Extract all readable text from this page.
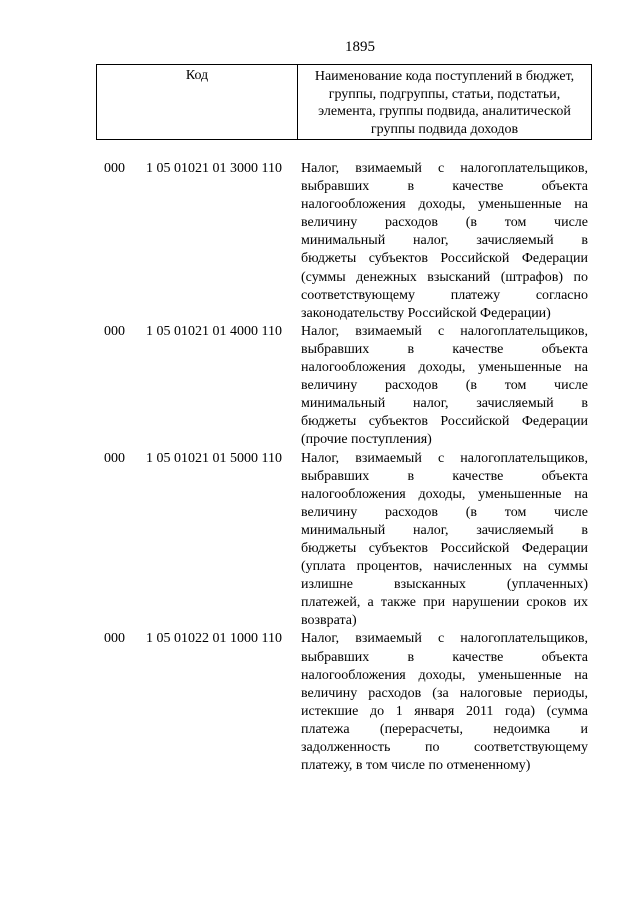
1895
Код	Наименование кода поступлений в бюджет,
группы, подгруппы, статьи, подстатьи,
элемента, группы подвида, аналитической
группы подвида доходов
000 1 05 01021 01 3000 110 Налог, взимаемый с налогоплательщиков,
выбравших в качестве объекта
налогообложения доходы, уменьшенные на
величину расходов (в том числе
минимальный налог, зачисляемый в
бюджеты субъектов Российской Федерации
(суммы денежных взысканий (штрафов) по
соответствующему платежу согласно
законодательству Российской Федерации)
000 1 05 01021 01 4000 110 Налог, взимаемый с налогоплательщиков,
выбравших в качестве объекта
налогообложения доходы, уменьшенные на
величину расходов (в том числе
минимальный налог, зачисляемый в
бюджеты субъектов Российской Федерации
(прочие поступления)
000 1 05 01021 01 5000 110 Налог, взимаемый с налогоплательщиков,
выбравших в качестве объекта
налогообложения доходы, уменьшенные на
величину расходов (в том числе
минимальный налог, зачисляемый в
бюджеты субъектов Российской Федерации
(уплата процентов, начисленных на суммы
излишне взысканных (уплаченных)
платежей, а также при нарушении сроков их
возврата)
000 1 05 01022 01 1000 110 Налог, взимаемый с налогоплательщиков,
выбравших в качестве объекта
налогообложения доходы, уменьшенные на
величину расходов (за налоговые периоды,
истекшие до 1 января 2011 года) (сумма
платежа (перерасчеты, недоимка и
задолженность по соответствующему
платежу, в том числе по отмененному)
